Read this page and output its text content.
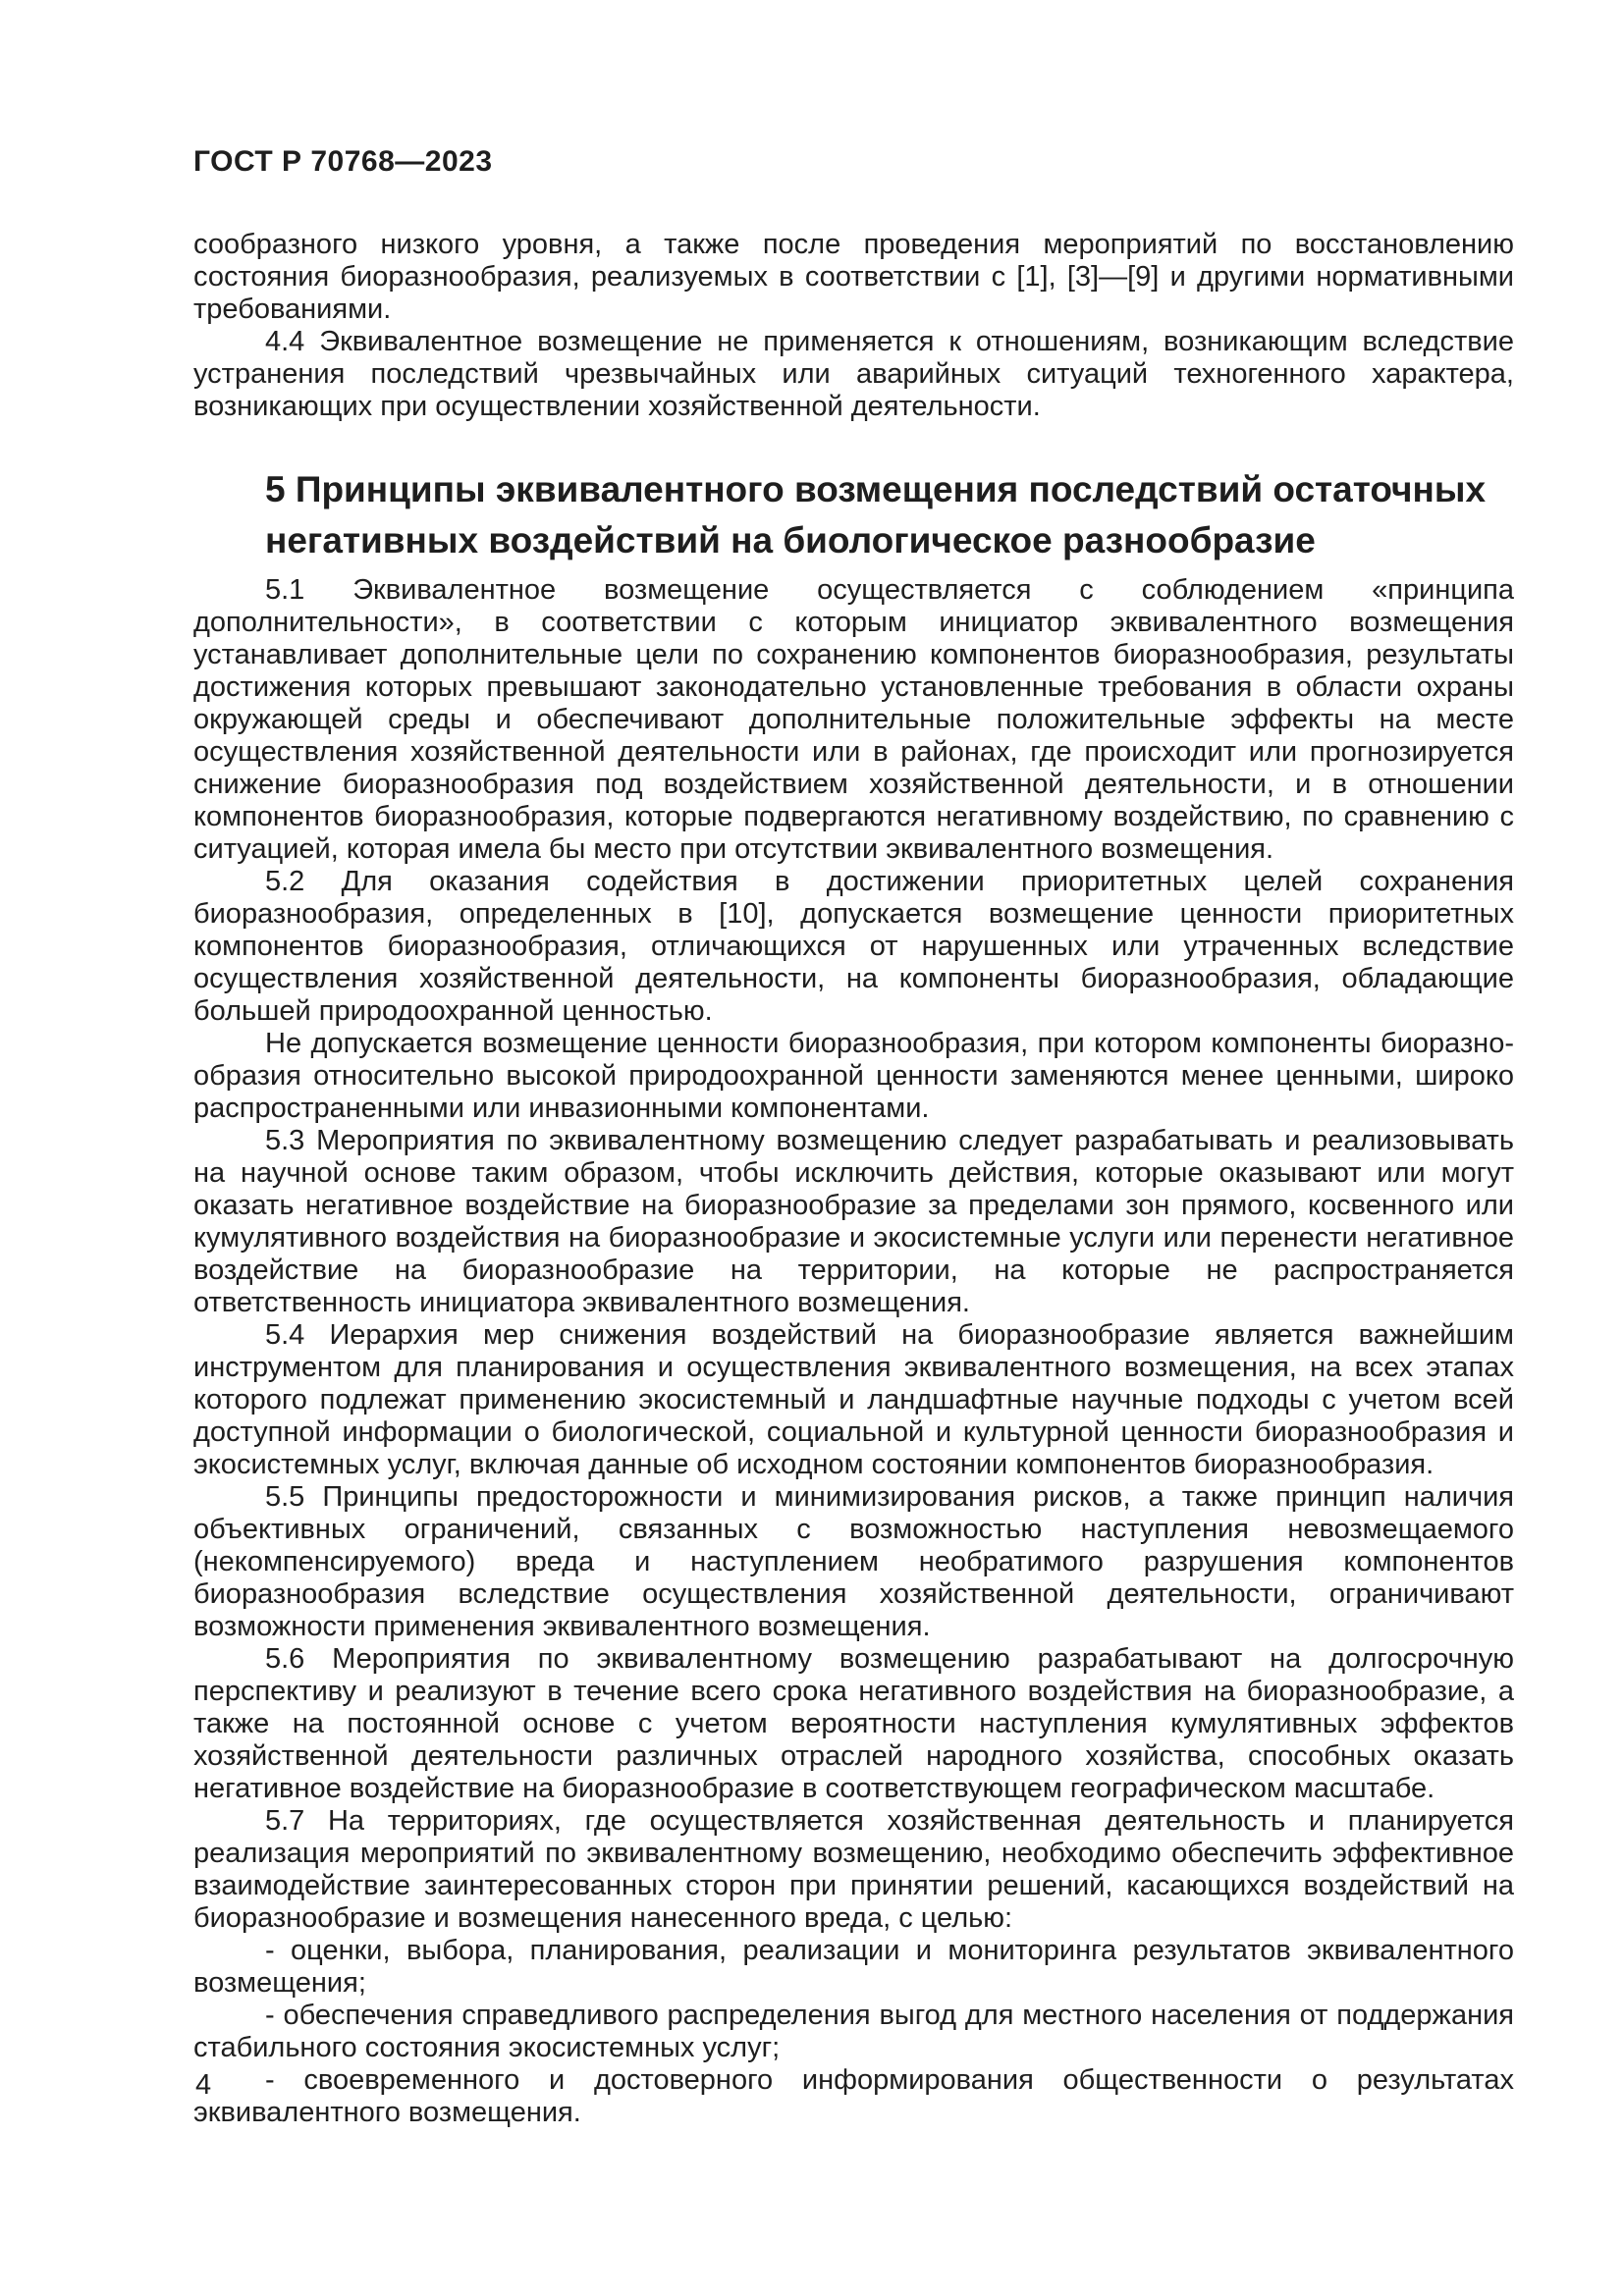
ГОСТ Р 70768—2023

сообразного низкого уровня, а также после проведения мероприятий по восстановлению состояния биоразнообразия, реализуемых в соответствии с [1], [3]—[9] и другими нормативными требованиями.

4.4 Эквивалентное возмещение не применяется к отношениям, возникающим вследствие устранения последствий чрезвычайных или аварийных ситуаций техногенного характера, возникающих при осуществлении хозяйственной деятельности.

5 Принципы эквивалентного возмещения последствий остаточных негативных воздействий на биологическое разнообразие

5.1 Эквивалентное возмещение осуществляется с соблюдением «принципа дополнительности», в соответствии с которым инициатор эквивалентного возмещения устанавливает дополнительные цели по сохранению компонентов биоразнообразия, результаты достижения которых превышают законодательно установленные требования в области охраны окружающей среды и обеспечивают дополнительные положительные эффекты на месте осуществления хозяйственной деятельности или в районах, где происходит или прогнозируется снижение биоразнообразия под воздействием хозяйственной деятельности, и в отношении компонентов биоразнообразия, которые подвергаются негативному воздействию, по сравнению с ситуацией, которая имела бы место при отсутствии эквивалентного возмещения.

5.2 Для оказания содействия в достижении приоритетных целей сохранения биоразнообразия, определенных в [10], допускается возмещение ценности приоритетных компонентов биоразнообразия, отличающихся от нарушенных или утраченных вследствие осуществления хозяйственной деятельности, на компоненты биоразнообразия, обладающие большей природоохранной ценностью.

Не допускается возмещение ценности биоразнообразия, при котором компоненты биоразнообразия относительно высокой природоохранной ценности заменяются менее ценными, широко распространенными или инвазионными компонентами.

5.3 Мероприятия по эквивалентному возмещению следует разрабатывать и реализовывать на научной основе таким образом, чтобы исключить действия, которые оказывают или могут оказать негативное воздействие на биоразнообразие за пределами зон прямого, косвенного или кумулятивного воздействия на биоразнообразие и экосистемные услуги или перенести негативное воздействие на биоразнообразие на территории, на которые не распространяется ответственность инициатора эквивалентного возмещения.

5.4 Иерархия мер снижения воздействий на биоразнообразие является важнейшим инструментом для планирования и осуществления эквивалентного возмещения, на всех этапах которого подлежат применению экосистемный и ландшафтные научные подходы с учетом всей доступной информации о биологической, социальной и культурной ценности биоразнообразия и экосистемных услуг, включая данные об исходном состоянии компонентов биоразнообразия.

5.5 Принципы предосторожности и минимизирования рисков, а также принцип наличия объективных ограничений, связанных с возможностью наступления невозмещаемого (некомпенсируемого) вреда и наступлением необратимого разрушения компонентов биоразнообразия вследствие осуществления хозяйственной деятельности, ограничивают возможности применения эквивалентного возмещения.

5.6 Мероприятия по эквивалентному возмещению разрабатывают на долгосрочную перспективу и реализуют в течение всего срока негативного воздействия на биоразнообразие, а также на постоянной основе с учетом вероятности наступления кумулятивных эффектов хозяйственной деятельности различных отраслей народного хозяйства, способных оказать негативное воздействие на биоразнообразие в соответствующем географическом масштабе.

5.7 На территориях, где осуществляется хозяйственная деятельность и планируется реализация мероприятий по эквивалентному возмещению, необходимо обеспечить эффективное взаимодействие заинтересованных сторон при принятии решений, касающихся воздействий на биоразнообразие и возмещения нанесенного вреда, с целью:

- оценки, выбора, планирования, реализации и мониторинга результатов эквивалентного возмещения;

- обеспечения справедливого распределения выгод для местного населения от поддержания стабильного состояния экосистемных услуг;

- своевременного и достоверного информирования общественности о результатах эквивалентного возмещения.

4
